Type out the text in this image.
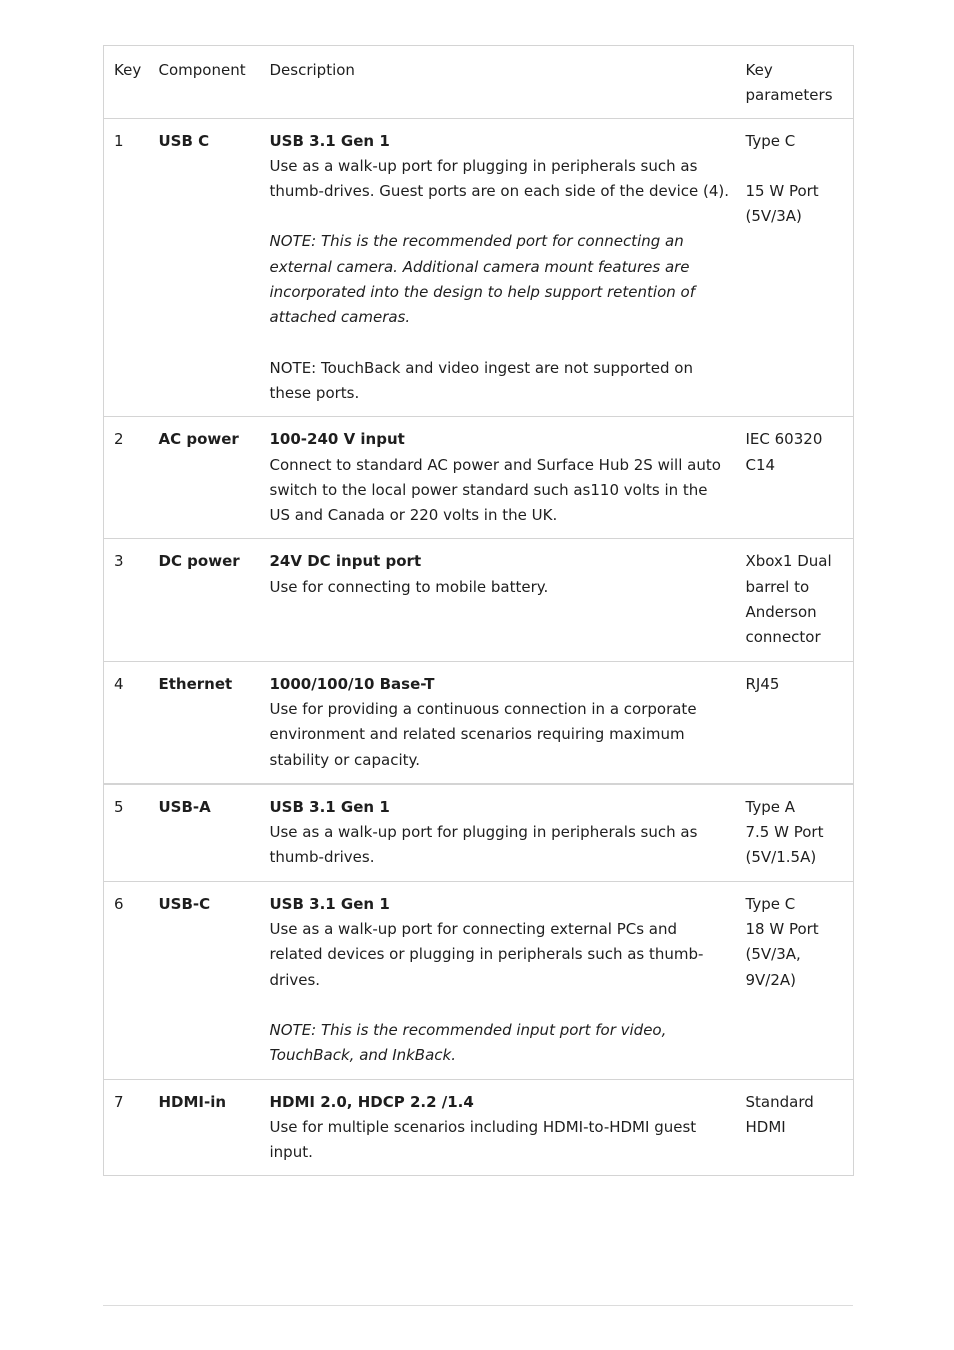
Key	Component	Description	Key parameters
1	USB C	USB 3.1 Gen 1
Use as a walk-up port for plugging in peripherals such as thumb-drives. Guest ports are on each side of the device (4).
NOTE: This is the recommended port for connecting an external camera. Additional camera mount features are incorporated into the design to help support retention of attached cameras.
NOTE: TouchBack and video ingest are not supported on these ports.	Type C
15 W Port (5V/3A)

2	AC power	100-240 V input
Connect to standard AC power and Surface Hub 2S will auto switch to the local power standard such as110 volts in the US and Canada or 220 volts in the UK.	IEC 60320 C14

3	DC power	24V DC input port
Use for connecting to mobile battery.	Xbox1 Dual barrel to Anderson connector

4	Ethernet	1000/100/10 Base-T
Use for providing a continuous connection in a corporate environment and related scenarios requiring maximum stability or capacity.	RJ45

5	USB-A	USB 3.1 Gen 1
Use as a walk-up port for plugging in peripherals such as thumb-drives.	Type A
7.5 W Port (5V/1.5A)

6	USB-C	USB 3.1 Gen 1
Use as a walk-up port for connecting external PCs and related devices or plugging in peripherals such as thumb-drives.
NOTE: This is the recommended input port for video, TouchBack, and InkBack.	Type C
18 W Port (5V/3A, 9V/2A)

7	HDMI-in	HDMI 2.0, HDCP 2.2 /1.4
Use for multiple scenarios including HDMI-to-HDMI guest input.	Standard HDMI
